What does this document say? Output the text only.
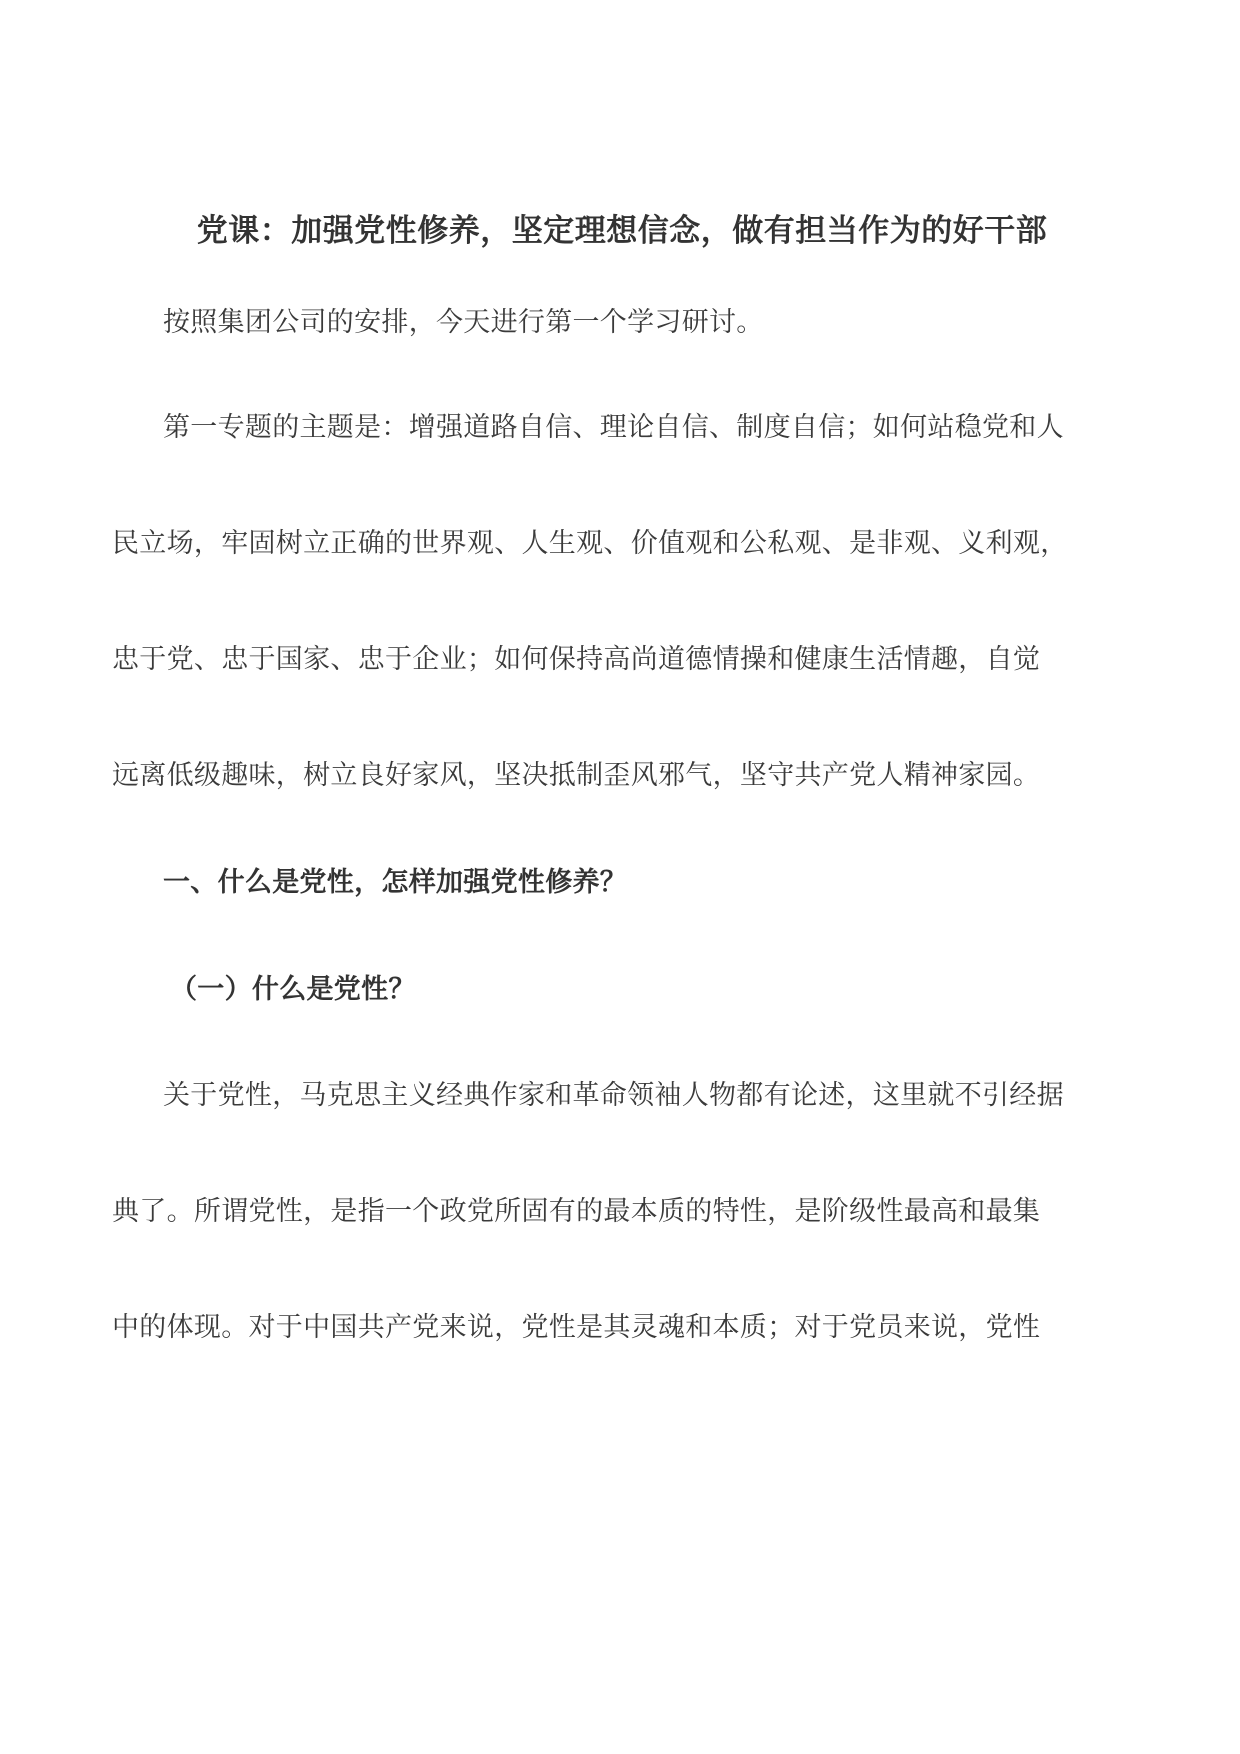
党课：加强党性修养，坚定理想信念，做有担当作为的好干部
按照集团公司的安排，今天进行第一个学习研讨。
第一专题的主题是：增强道路自信、理论自信、制度自信；如何站稳党和人
民立场，牢固树立正确的世界观、人生观、价值观和公私观、是非观、义利观，
忠于党、忠于国家、忠于企业；如何保持高尚道德情操和健康生活情趣，自觉
远离低级趣味，树立良好家风，坚决抵制歪风邪气，坚守共产党人精神家园。
一、什么是党性，怎样加强党性修养？
（一）什么是党性？
关于党性，马克思主义经典作家和革命领袖人物都有论述，这里就不引经据
典了。所谓党性，是指一个政党所固有的最本质的特性，是阶级性最高和最集
中的体现。对于中国共产党来说，党性是其灵魂和本质；对于党员来说，党性
